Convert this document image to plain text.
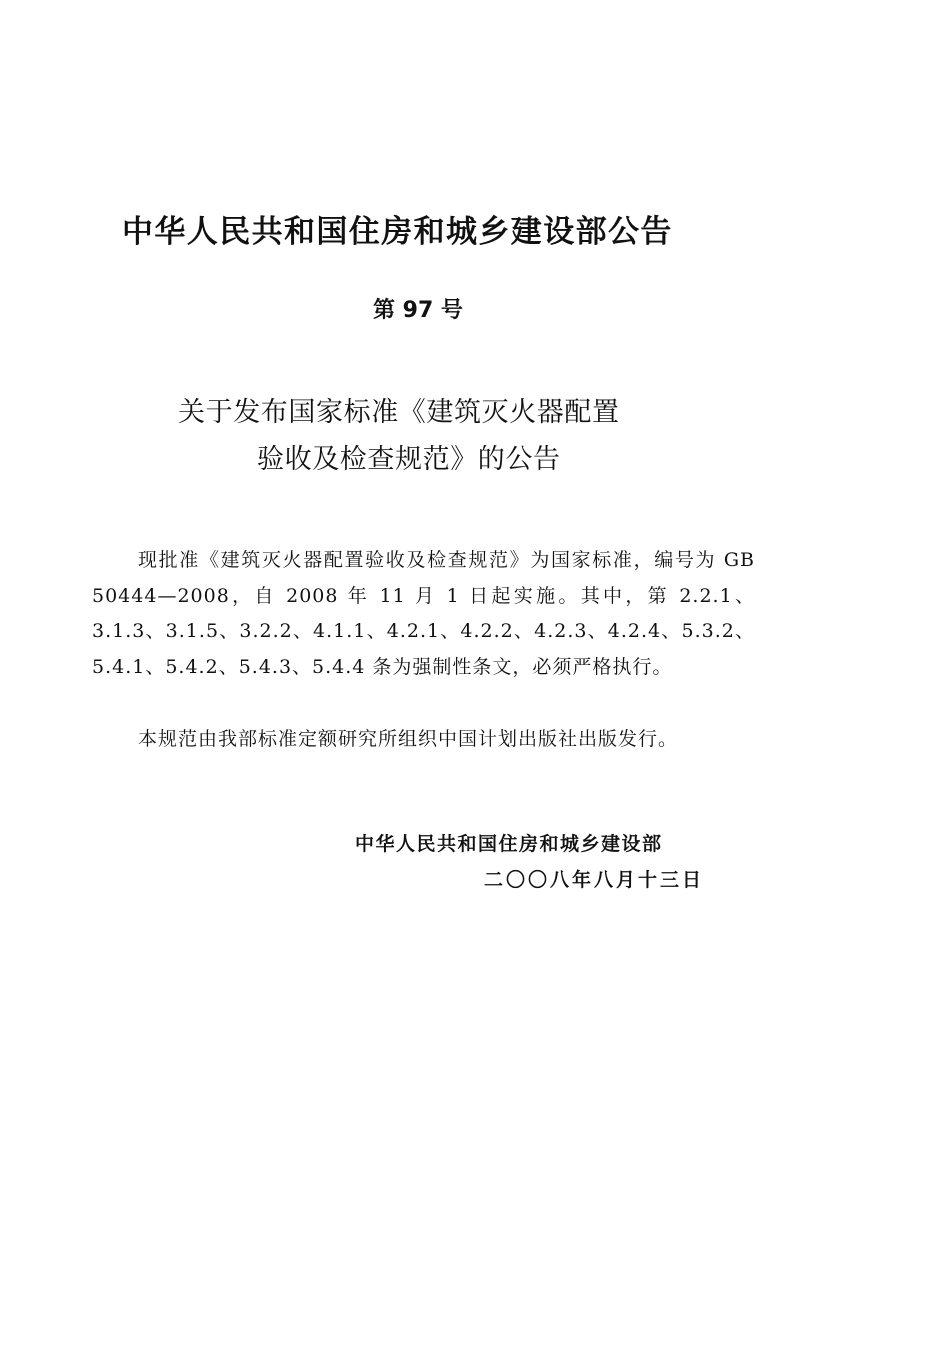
中华人民共和国住房和城乡建设部公告
第 97 号
关于发布国家标准《建筑灭火器配置
验收及检查规范》的公告

现批准《建筑灭火器配置验收及检查规范》为国家标准，编号为 GB 50444—2008，自 2008 年 11 月 1 日起实施。其中，第 2.2.1、3.1.3、3.1.5、3.2.2、4.1.1、4.2.1、4.2.2、4.2.3、4.2.4、5.3.2、5.4.1、5.4.2、5.4.3、5.4.4 条为强制性条文，必须严格执行。

本规范由我部标准定额研究所组织中国计划出版社出版发行。

中华人民共和国住房和城乡建设部
二〇〇八年八月十三日
